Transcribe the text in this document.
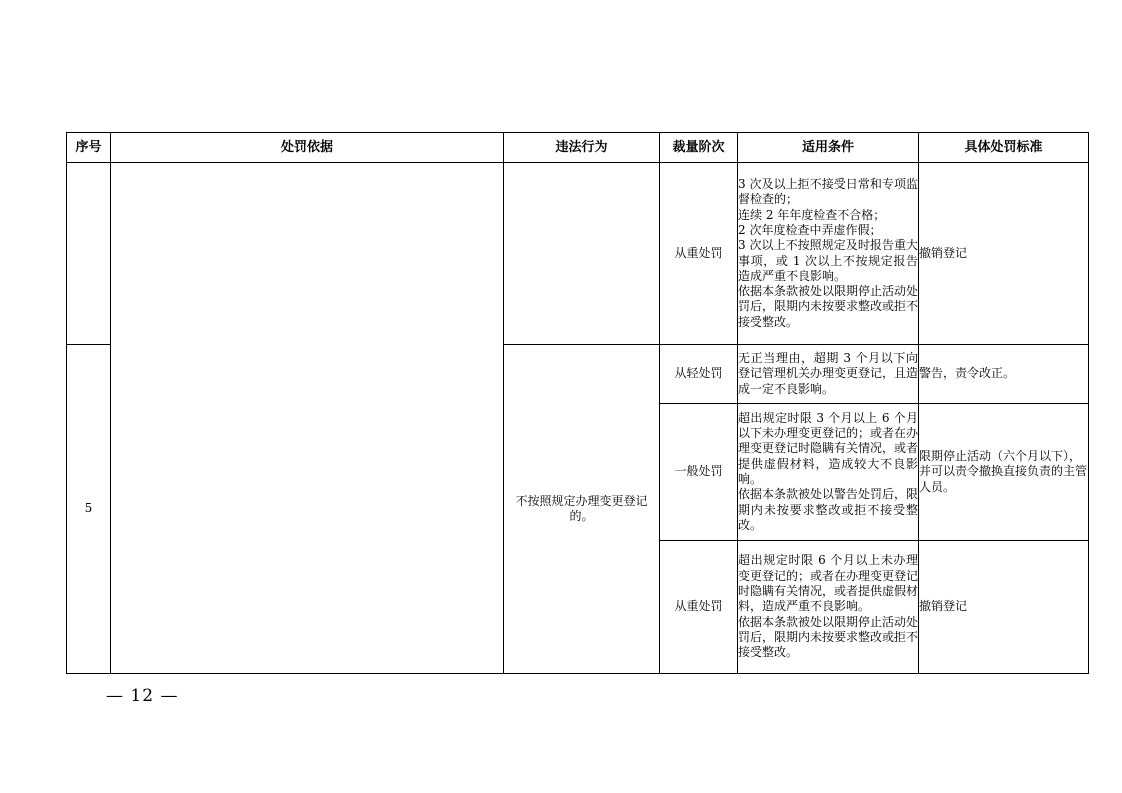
序号	处罚依据	违法行为	裁量阶次	适用条件	具体处罚标准
			从重处罚	3 次及以上拒不接受日常和专项监督检查的；
连续 2 年年度检查不合格；
2 次年度检查中弄虚作假；
3 次以上不按照规定及时报告重大事项，或 1 次以上不按规定报告造成严重不良影响。
依据本条款被处以限期停止活动处罚后，限期内未按要求整改或拒不接受整改。	撤销登记
5		不按照规定办理变更登记的。	从轻处罚	无正当理由，超期 3 个月以下向登记管理机关办理变更登记，且造成一定不良影响。	警告，责令改正。
			一般处罚	超出规定时限 3 个月以上 6 个月以下未办理变更登记的；或者在办理变更登记时隐瞒有关情况，或者提供虚假材料，造成较大不良影响。
依据本条款被处以警告处罚后，限期内未按要求整改或拒不接受整改。	限期停止活动（六个月以下），并可以责令撤换直接负责的主管人员。
			从重处罚	超出规定时限 6 个月以上未办理变更登记的；或者在办理变更登记时隐瞒有关情况，或者提供虚假材料，造成严重不良影响。
依据本条款被处以限期停止活动处罚后，限期内未按要求整改或拒不接受整改。	撤销登记
— 12 —
